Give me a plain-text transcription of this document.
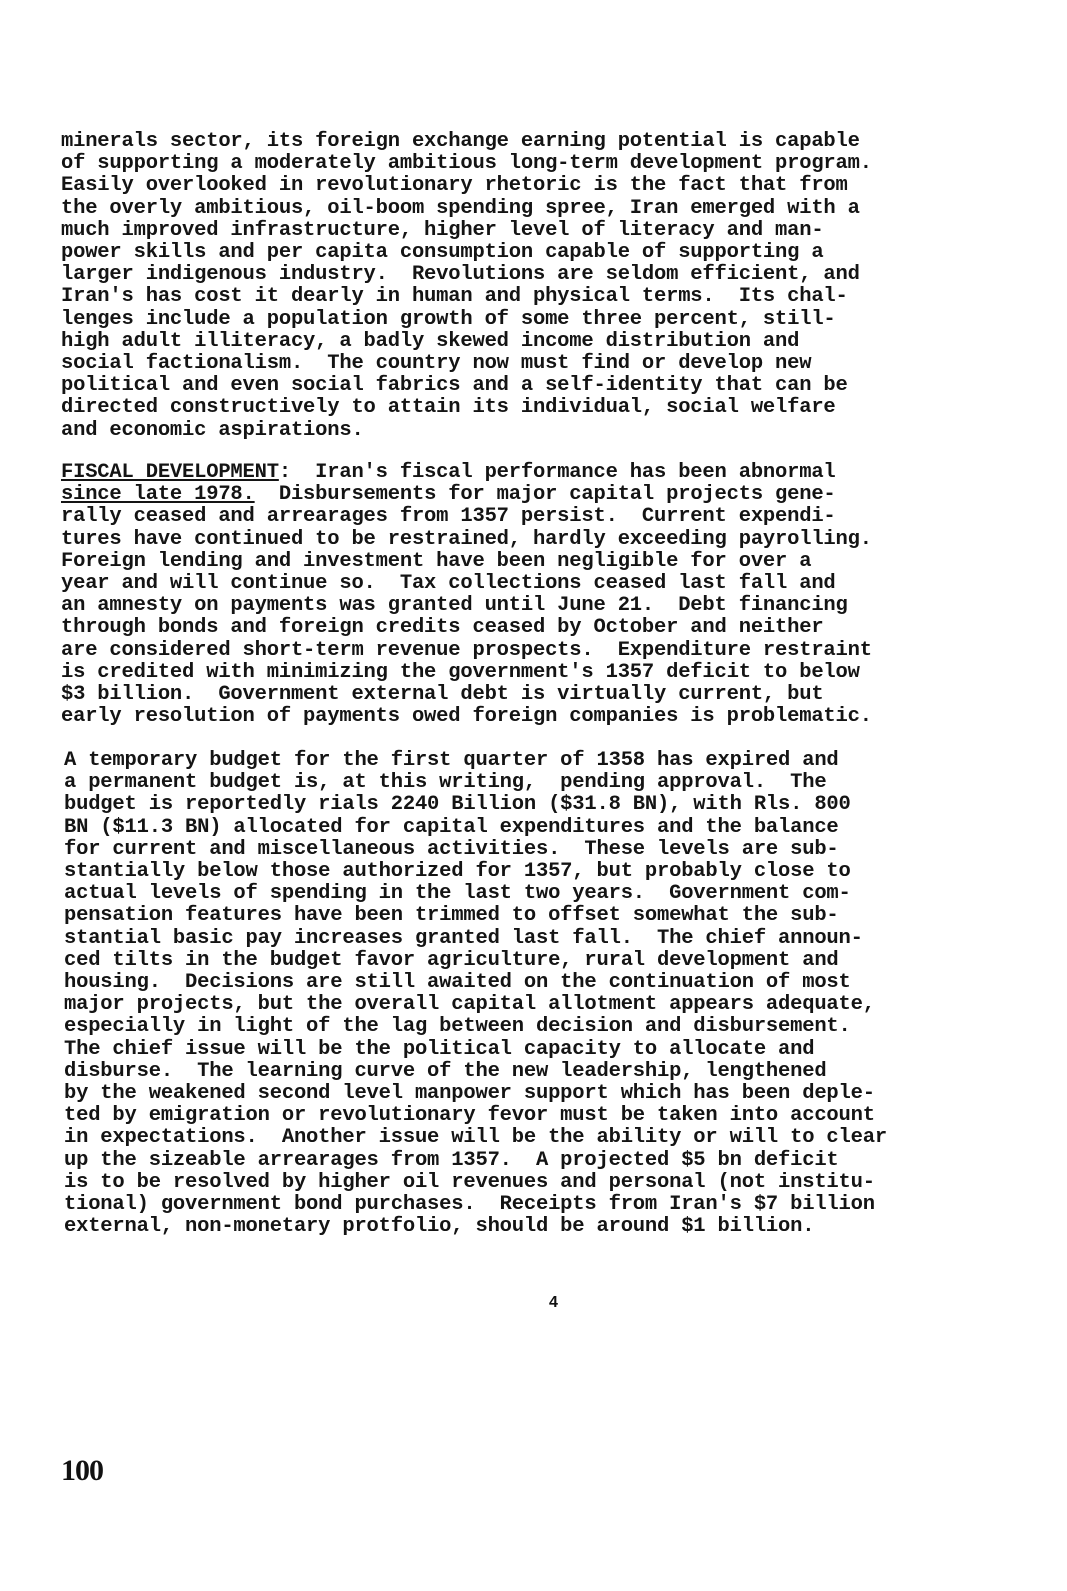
minerals sector, its foreign exchange earning potential is capable
of supporting a moderately ambitious long-term development program.
Easily overlooked in revolutionary rhetoric is the fact that from
the overly ambitious, oil-boom spending spree, Iran emerged with a
much improved infrastructure, higher level of literacy and man-
power skills and per capita consumption capable of supporting a
larger indigenous industry.  Revolutions are seldom efficient, and
Iran's has cost it dearly in human and physical terms.  Its chal-
lenges include a population growth of some three percent, still-
high adult illiteracy, a badly skewed income distribution and
social factionalism.  The country now must find or develop new
political and even social fabrics and a self-identity that can be
directed constructively to attain its individual, social welfare
and economic aspirations.
FISCAL DEVELOPMENT:  Iran's fiscal performance has been abnormal
since late 1978.  Disbursements for major capital projects gene-
rally ceased and arrearages from 1357 persist.  Current expendi-
tures have continued to be restrained, hardly exceeding payrolling.
Foreign lending and investment have been negligible for over a
year and will continue so.  Tax collections ceased last fall and
an amnesty on payments was granted until June 21.  Debt financing
through bonds and foreign credits ceased by October and neither
are considered short-term revenue prospects.  Expenditure restraint
is credited with minimizing the government's 1357 deficit to below
$3 billion.  Government external debt is virtually current, but
early resolution of payments owed foreign companies is problematic.
A temporary budget for the first quarter of 1358 has expired and
a permanent budget is, at this writing,  pending approval.  The
budget is reportedly rials 2240 Billion ($31.8 BN), with Rls. 800
BN ($11.3 BN) allocated for capital expenditures and the balance
for current and miscellaneous activities.  These levels are sub-
stantially below those authorized for 1357, but probably close to
actual levels of spending in the last two years.  Government com-
pensation features have been trimmed to offset somewhat the sub-
stantial basic pay increases granted last fall.  The chief announ-
ced tilts in the budget favor agriculture, rural development and
housing.  Decisions are still awaited on the continuation of most
major projects, but the overall capital allotment appears adequate,
especially in light of the lag between decision and disbursement.
The chief issue will be the political capacity to allocate and
disburse.  The learning curve of the new leadership, lengthened
by the weakened second level manpower support which has been deple-
ted by emigration or revolutionary fevor must be taken into account
in expectations.  Another issue will be the ability or will to clear
up the sizeable arrearages from 1357.  A projected $5 bn deficit
is to be resolved by higher oil revenues and personal (not institu-
tional) government bond purchases.  Receipts from Iran's $7 billion
external, non-monetary protfolio, should be around $1 billion.
4
100
